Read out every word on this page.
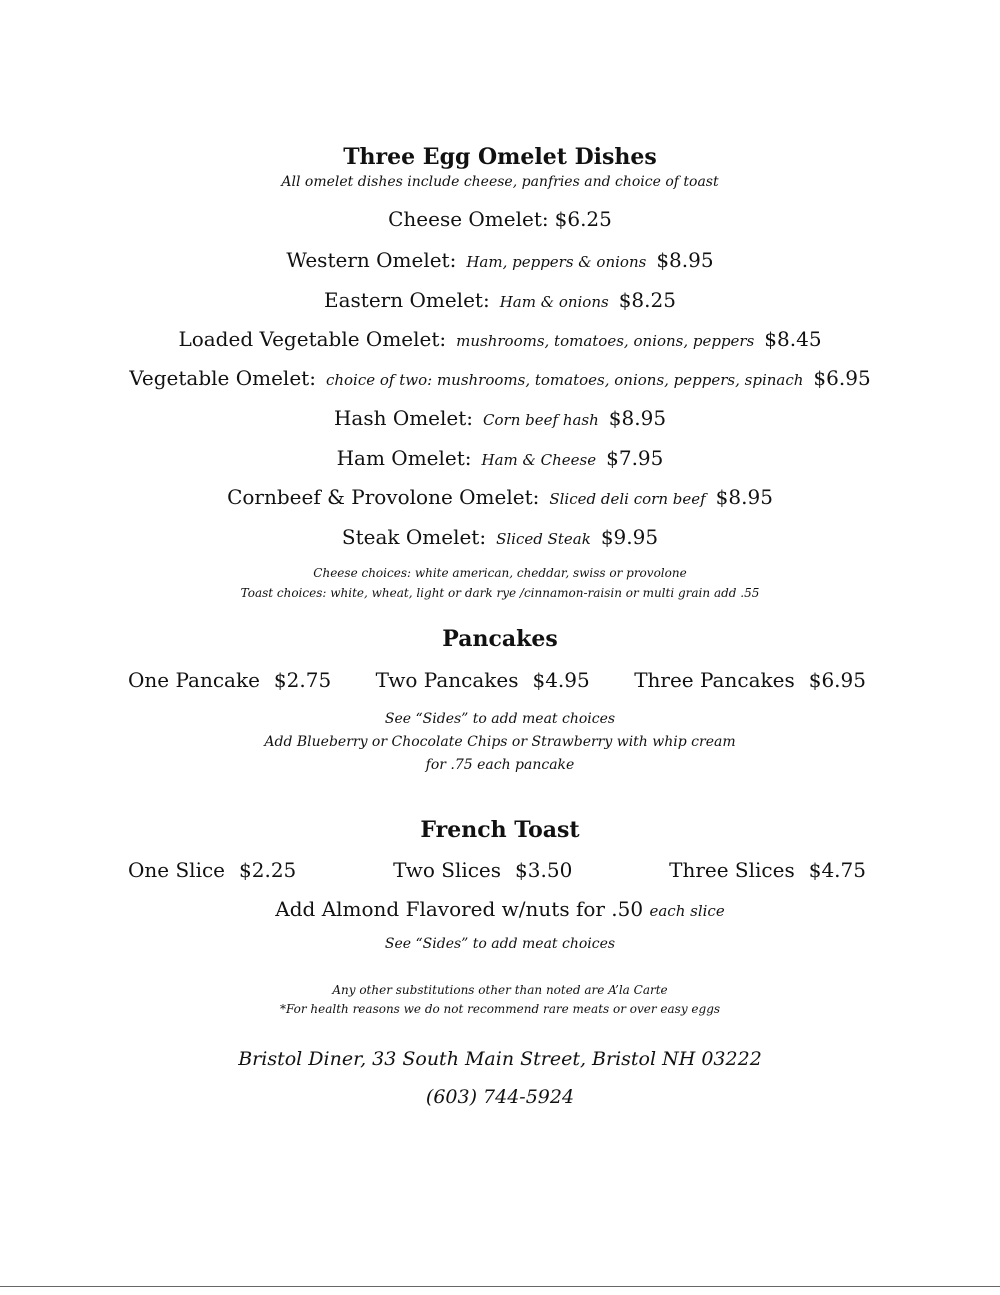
Three Egg Omelet Dishes
All omelet dishes include cheese, panfries and choice of toast
Cheese Omelet: $6.25
Western Omelet: Ham, peppers & onions $8.95
Eastern Omelet: Ham & onions $8.25
Loaded Vegetable Omelet: mushrooms, tomatoes, onions, peppers $8.45
Vegetable Omelet: choice of two: mushrooms, tomatoes, onions, peppers, spinach $6.95
Hash Omelet: Corn beef hash $8.95
Ham Omelet: Ham & Cheese $7.95
Cornbeef & Provolone Omelet: Sliced deli corn beef $8.95
Steak Omelet: Sliced Steak $9.95
Cheese choices: white american, cheddar, swiss or provolone
Toast choices: white, wheat, light or dark rye /cinnamon-raisin or multi grain add .55
Pancakes
One Pancake $2.75 Two Pancakes $4.95 Three Pancakes $6.95
See “Sides” to add meat choices
Add Blueberry or Chocolate Chips or Strawberry with whip cream
for .75 each pancake
French Toast
One Slice $2.25	Two Slices $3.50	Three Slices $4.75
Add Almond Flavored w/nuts for .50 each slice
See “Sides” to add meat choices
Any other substitutions other than noted are A’la Carte
*For health reasons we do not recommend rare meats or over easy eggs
Bristol Diner, 33 South Main Street, Bristol NH 03222
(603) 744-5924
